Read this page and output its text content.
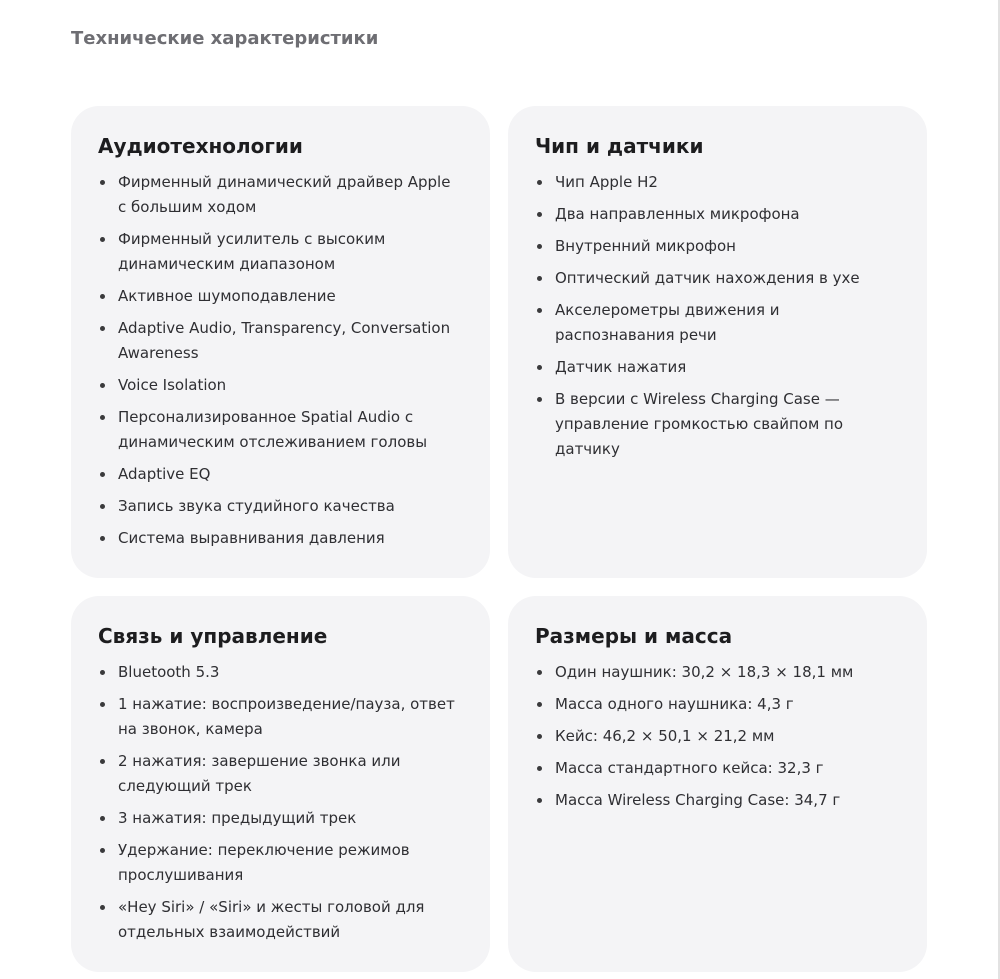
Технические характеристики
Аудиотехнологии
Фирменный динамический драйвер Apple с большим ходом
Фирменный усилитель с высоким динамическим диапазоном
Активное шумоподавление
Adaptive Audio, Transparency, Conversation Awareness
Voice Isolation
Персонализированное Spatial Audio с динамическим отслеживанием головы
Adaptive EQ
Запись звука студийного качества
Система выравнивания давления
Чип и датчики
Чип Apple H2
Два направленных микрофона
Внутренний микрофон
Оптический датчик нахождения в ухе
Акселерометры движения и распознавания речи
Датчик нажатия
В версии с Wireless Charging Case — управление громкостью свайпом по датчику
Связь и управление
Bluetooth 5.3
1 нажатие: воспроизведение/пауза, ответ на звонок, камера
2 нажатия: завершение звонка или следующий трек
3 нажатия: предыдущий трек
Удержание: переключение режимов прослушивания
«Hey Siri» / «Siri» и жесты головой для отдельных взаимодействий
Размеры и масса
Один наушник: 30,2 × 18,3 × 18,1 мм
Масса одного наушника: 4,3 г
Кейс: 46,2 × 50,1 × 21,2 мм
Масса стандартного кейса: 32,3 г
Масса Wireless Charging Case: 34,7 г
